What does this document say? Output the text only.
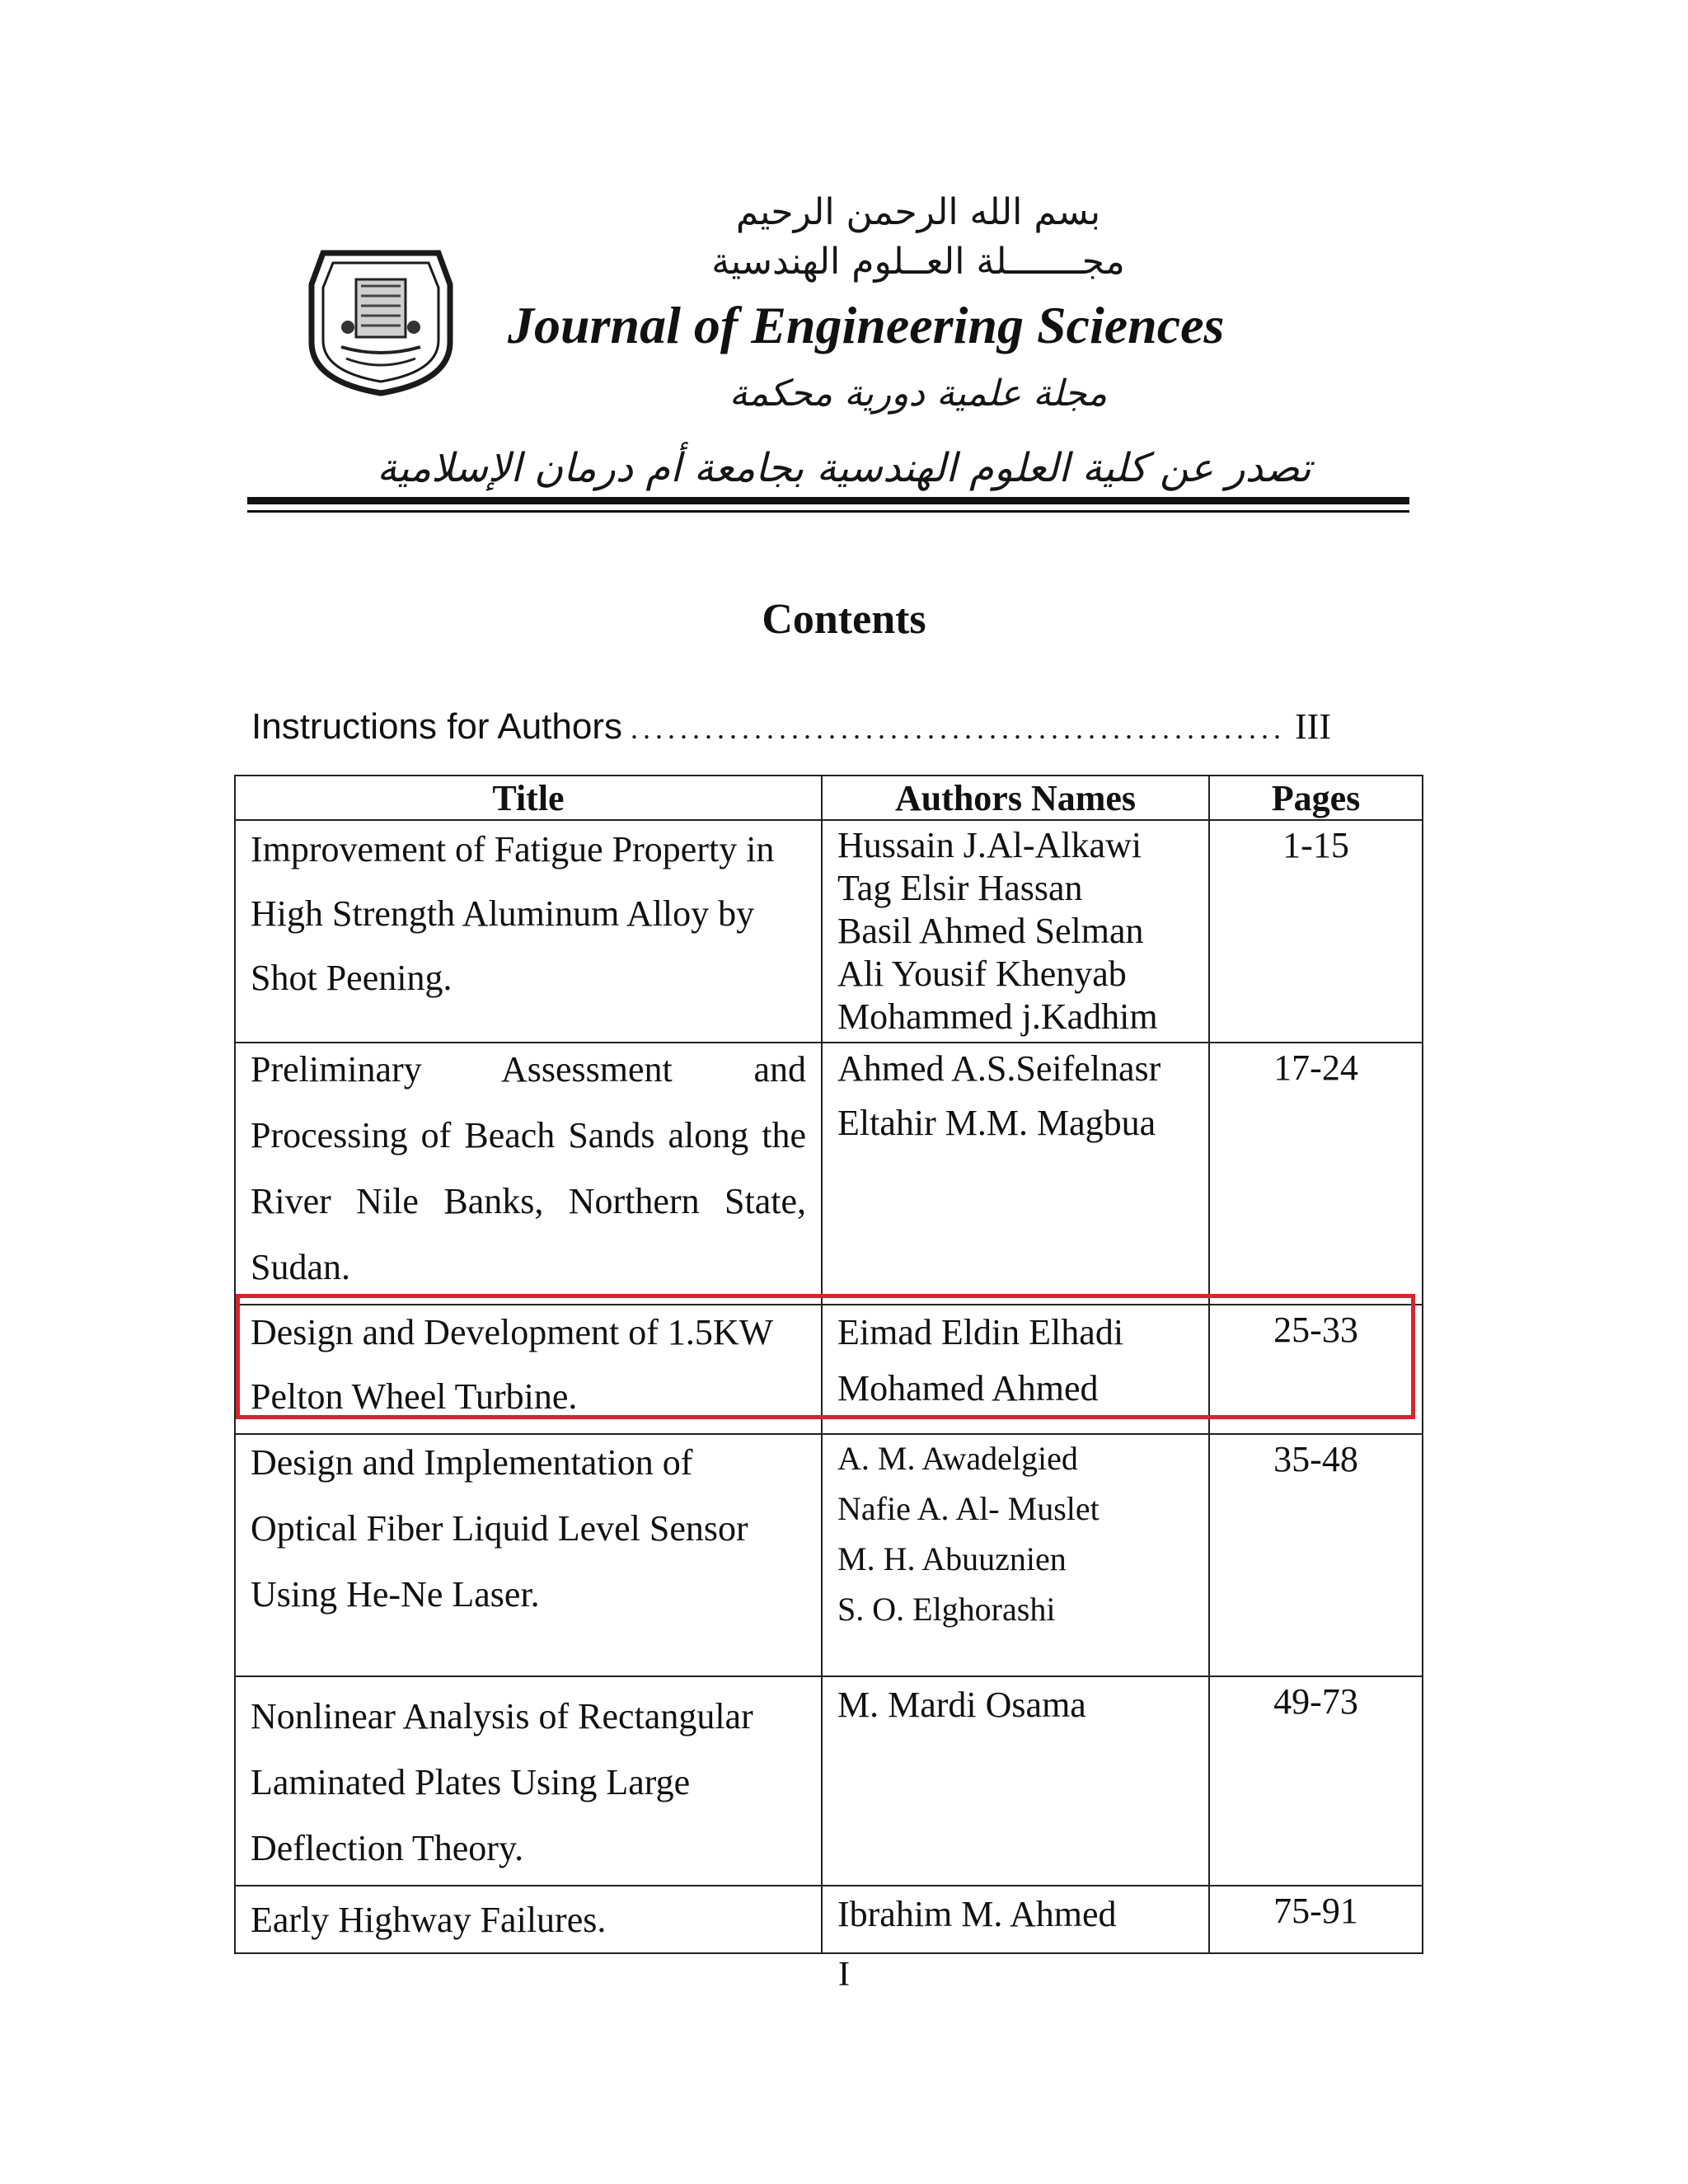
بسم الله الرحمن الرحيم
مجـــــــلة العــلوم الهندسية
Journal of Engineering Sciences
مجلة علمية دورية محكمة
تصدر عن كلية العلوم الهندسية بجامعة أم درمان الإسلامية
Contents
Instructions for Authors .....	III
Title	Authors Names	Pages

Improvement of Fatigue Property in High Strength Aluminum Alloy by Shot Peening.	Hussain J.Al-Alkawi
Tag Elsir Hassan
Basil Ahmed Selman
Ali Yousif Khenyab
Mohammed j.Kadhim	1-15

Preliminary Assessment and Processing of Beach Sands along the River Nile Banks, Northern State, Sudan.	Ahmed A.S.Seifelnasr
Eltahir M.M. Magbua	17-24

Design and Development of 1.5KW Pelton Wheel Turbine.	Eimad Eldin Elhadi
Mohamed Ahmed	25-33

Design and Implementation of Optical Fiber Liquid Level Sensor Using He-Ne Laser.	A. M. Awadelgied
Nafie A. Al- Muslet
M. H. Abuuznien
S. O. Elghorashi	35-48

Nonlinear Analysis of Rectangular Laminated Plates Using Large Deflection Theory.	M. Mardi Osama	49-73

Early Highway Failures.	Ibrahim M. Ahmed	75-91
I
